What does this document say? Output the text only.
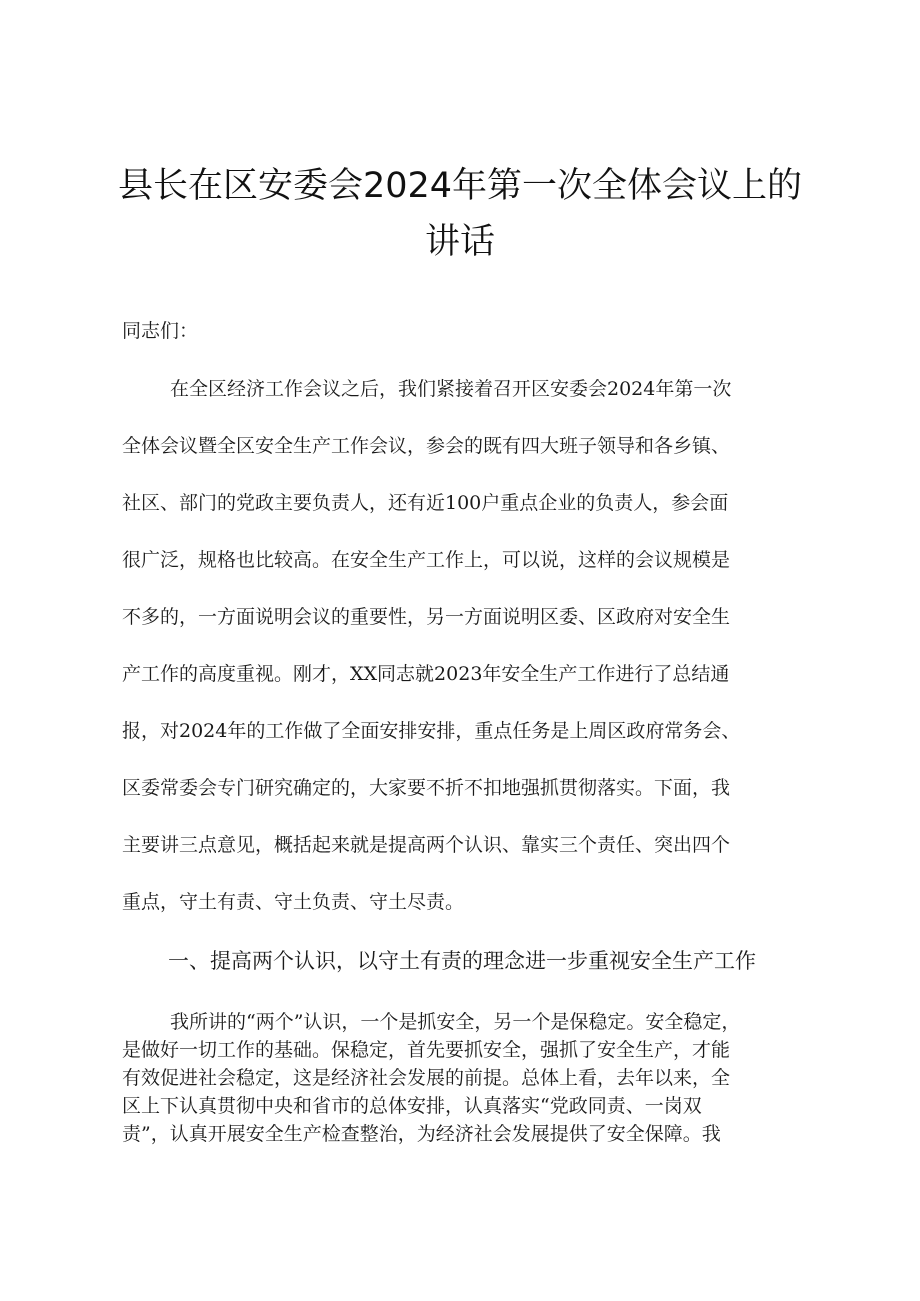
县长在区安委会2024年第一次全体会议上的
讲话

同志们：

在全区经济工作会议之后，我们紧接着召开区安委会2024年第一次
全体会议暨全区安全生产工作会议，参会的既有四大班子领导和各乡镇、
社区、部门的党政主要负责人，还有近100户重点企业的负责人，参会面
很广泛，规格也比较高。在安全生产工作上，可以说，这样的会议规模是
不多的，一方面说明会议的重要性，另一方面说明区委、区政府对安全生
产工作的高度重视。刚才，XX同志就2023年安全生产工作进行了总结通
报，对2024年的工作做了全面安排安排，重点任务是上周区政府常务会、
区委常委会专门研究确定的，大家要不折不扣地强抓贯彻落实。下面，我
主要讲三点意见，概括起来就是提高两个认识、靠实三个责任、突出四个
重点，守土有责、守土负责、守土尽责。
一、提高两个认识，以守土有责的理念进一步重视安全生产工作
我所讲的“两个”认识，一个是抓安全，另一个是保稳定。安全稳定，
是做好一切工作的基础。保稳定，首先要抓安全，强抓了安全生产，才能
有效促进社会稳定，这是经济社会发展的前提。总体上看，去年以来，全
区上下认真贯彻中央和省市的总体安排，认真落实“党政同责、一岗双
责”，认真开展安全生产检查整治，为经济社会发展提供了安全保障。我
